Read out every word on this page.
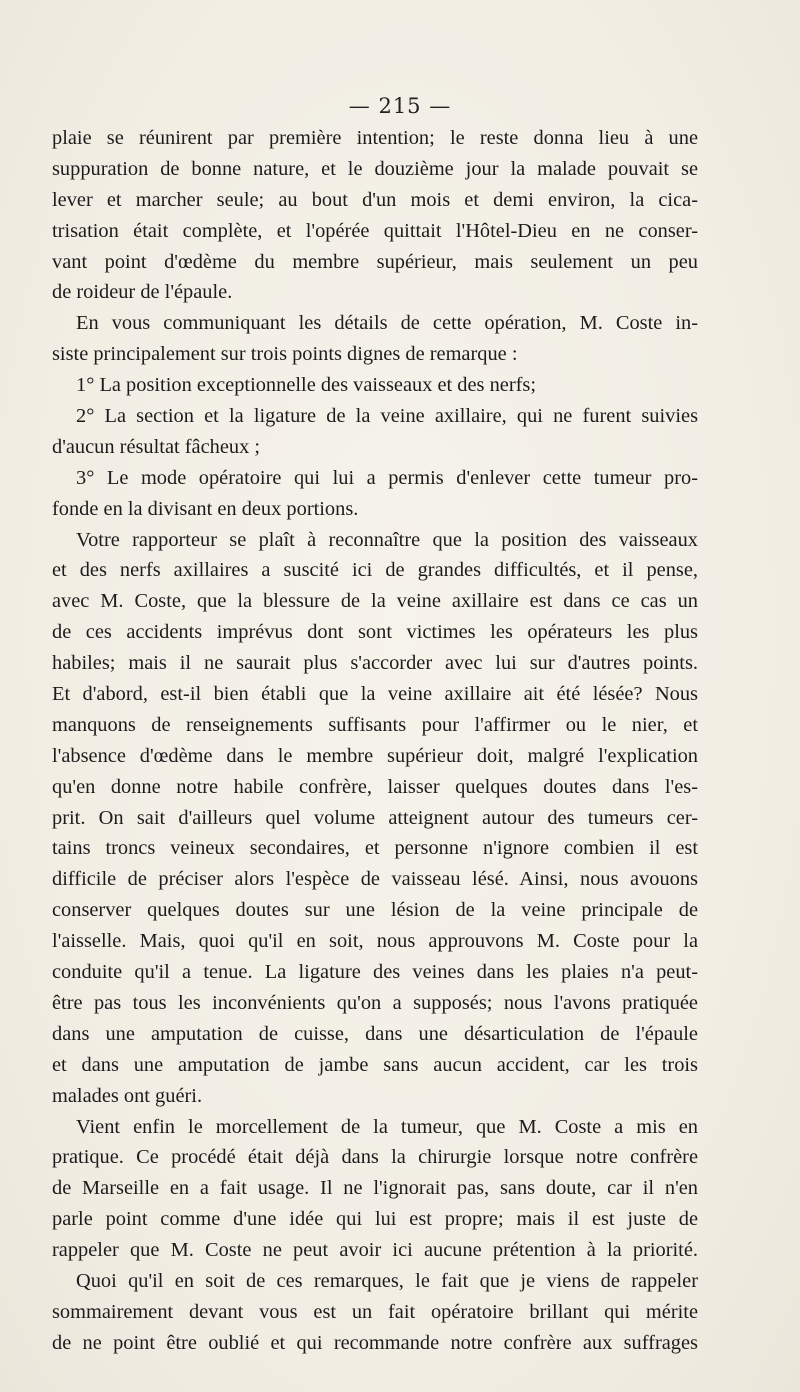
— 215 —
plaie se réunirent par première intention; le reste donna lieu à une
suppuration de bonne nature, et le douzième jour la malade pouvait se
lever et marcher seule; au bout d'un mois et demi environ, la cica-
trisation était complète, et l'opérée quittait l'Hôtel-Dieu en ne conser-
vant point d'œdème du membre supérieur, mais seulement un peu
de roideur de l'épaule.
En vous communiquant les détails de cette opération, M. Coste in-
siste principalement sur trois points dignes de remarque :
1° La position exceptionnelle des vaisseaux et des nerfs;
2° La section et la ligature de la veine axillaire, qui ne furent suivies
d'aucun résultat fâcheux ;
3° Le mode opératoire qui lui a permis d'enlever cette tumeur pro-
fonde en la divisant en deux portions.
Votre rapporteur se plaît à reconnaître que la position des vaisseaux
et des nerfs axillaires a suscité ici de grandes difficultés, et il pense,
avec M. Coste, que la blessure de la veine axillaire est dans ce cas un
de ces accidents imprévus dont sont victimes les opérateurs les plus
habiles; mais il ne saurait plus s'accorder avec lui sur d'autres points.
Et d'abord, est-il bien établi que la veine axillaire ait été lésée? Nous
manquons de renseignements suffisants pour l'affirmer ou le nier, et
l'absence d'œdème dans le membre supérieur doit, malgré l'explication
qu'en donne notre habile confrère, laisser quelques doutes dans l'es-
prit. On sait d'ailleurs quel volume atteignent autour des tumeurs cer-
tains troncs veineux secondaires, et personne n'ignore combien il est
difficile de préciser alors l'espèce de vaisseau lésé. Ainsi, nous avouons
conserver quelques doutes sur une lésion de la veine principale de
l'aisselle. Mais, quoi qu'il en soit, nous approuvons M. Coste pour la
conduite qu'il a tenue. La ligature des veines dans les plaies n'a peut-
être pas tous les inconvénients qu'on a supposés; nous l'avons pratiquée
dans une amputation de cuisse, dans une désarticulation de l'épaule
et dans une amputation de jambe sans aucun accident, car les trois
malades ont guéri.
Vient enfin le morcellement de la tumeur, que M. Coste a mis en
pratique. Ce procédé était déjà dans la chirurgie lorsque notre confrère
de Marseille en a fait usage. Il ne l'ignorait pas, sans doute, car il n'en
parle point comme d'une idée qui lui est propre; mais il est juste de
rappeler que M. Coste ne peut avoir ici aucune prétention à la priorité.
Quoi qu'il en soit de ces remarques, le fait que je viens de rappeler
sommairement devant vous est un fait opératoire brillant qui mérite
de ne point être oublié et qui recommande notre confrère aux suffrages
